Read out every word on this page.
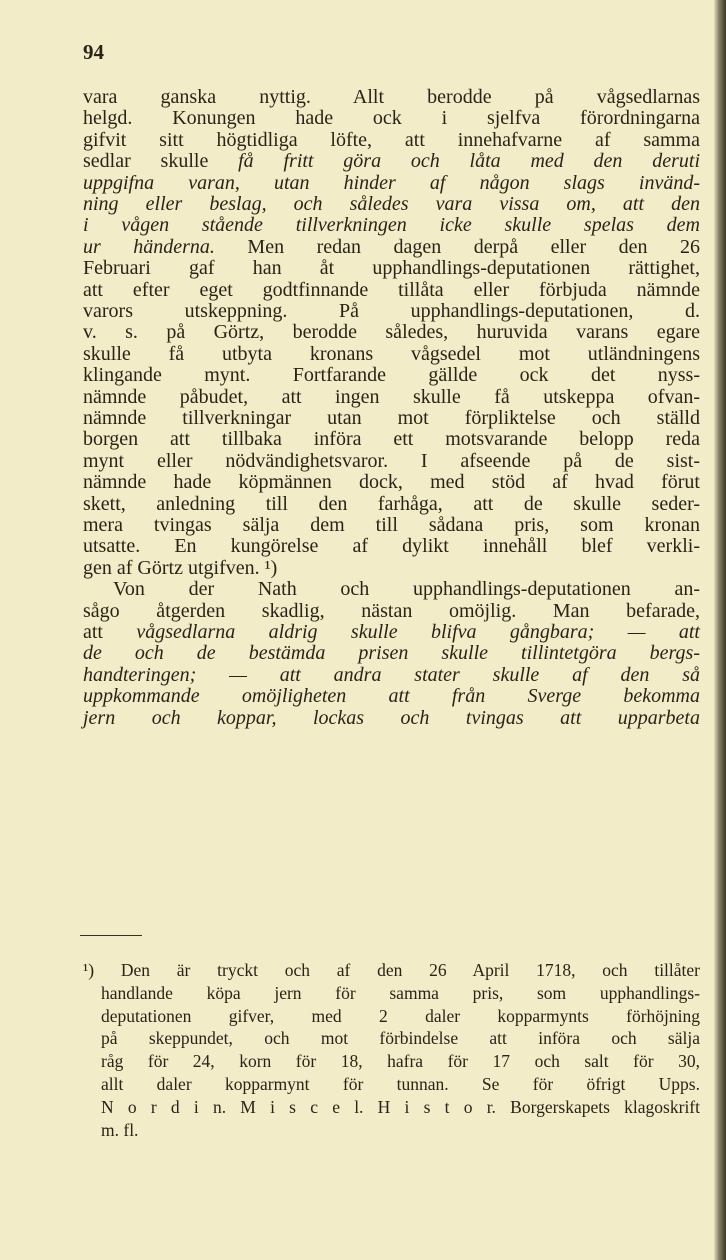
94
vara ganska nyttig. Allt berodde på vågsedlarnas
helgd. Konungen hade ock i sjelfva förordningarna
gifvit sitt högtidliga löfte, att innehafvarne af samma
sedlar skulle få fritt göra och låta med den deruti
uppgifna varan, utan hinder af någon slags invänd-
ning eller beslag, och således vara vissa om, att den
i vågen stående tillverkningen icke skulle spelas dem
ur händerna. Men redan dagen derpå eller den 26
Februari gaf han åt upphandlings-deputationen rättighet,
att efter eget godtfinnande tillåta eller förbjuda nämnde
varors utskeppning. På upphandlings-deputationen, d.
v. s. på Görtz, berodde således, huruvida varans egare
skulle få utbyta kronans vågsedel mot utländningens
klingande mynt. Fortfarande gällde ock det nyss-
nämnde påbudet, att ingen skulle få utskeppa ofvan-
nämnde tillverkningar utan mot förpliktelse och ställd
borgen att tillbaka införa ett motsvarande belopp reda
mynt eller nödvändighetsvaror. I afseende på de sist-
nämnde hade köpmännen dock, med stöd af hvad förut
skett, anledning till den farhåga, att de skulle seder-
mera tvingas sälja dem till sådana pris, som kronan
utsatte. En kungörelse af dylikt innehåll blef verkli-
gen af Görtz utgifven. ¹)
Von der Nath och upphandlings-deputationen an-
sågo åtgerden skadlig, nästan omöjlig. Man befarade,
att vågsedlarna aldrig skulle blifva gångbara; — att
de och de bestämda prisen skulle tillintetgöra bergs-
handteringen; — att andra stater skulle af den så
uppkommande omöjligheten att från Sverge bekomma
jern och koppar, lockas och tvingas att upparbeta
¹) Den är tryckt och af den 26 April 1718, och tillåter
handlande köpa jern för samma pris, som upphandlings-
deputationen gifver, med 2 daler kopparmynts förhöjning
på skeppundet, och mot förbindelse att införa och sälja
råg för 24, korn för 18, hafra för 17 och salt för 30,
allt daler kopparmynt för tunnan. Se för öfrigt Upps.
N o r d i n. M i s c e l. H i s t o r. Borgerskapets klagoskrift
m. fl.
